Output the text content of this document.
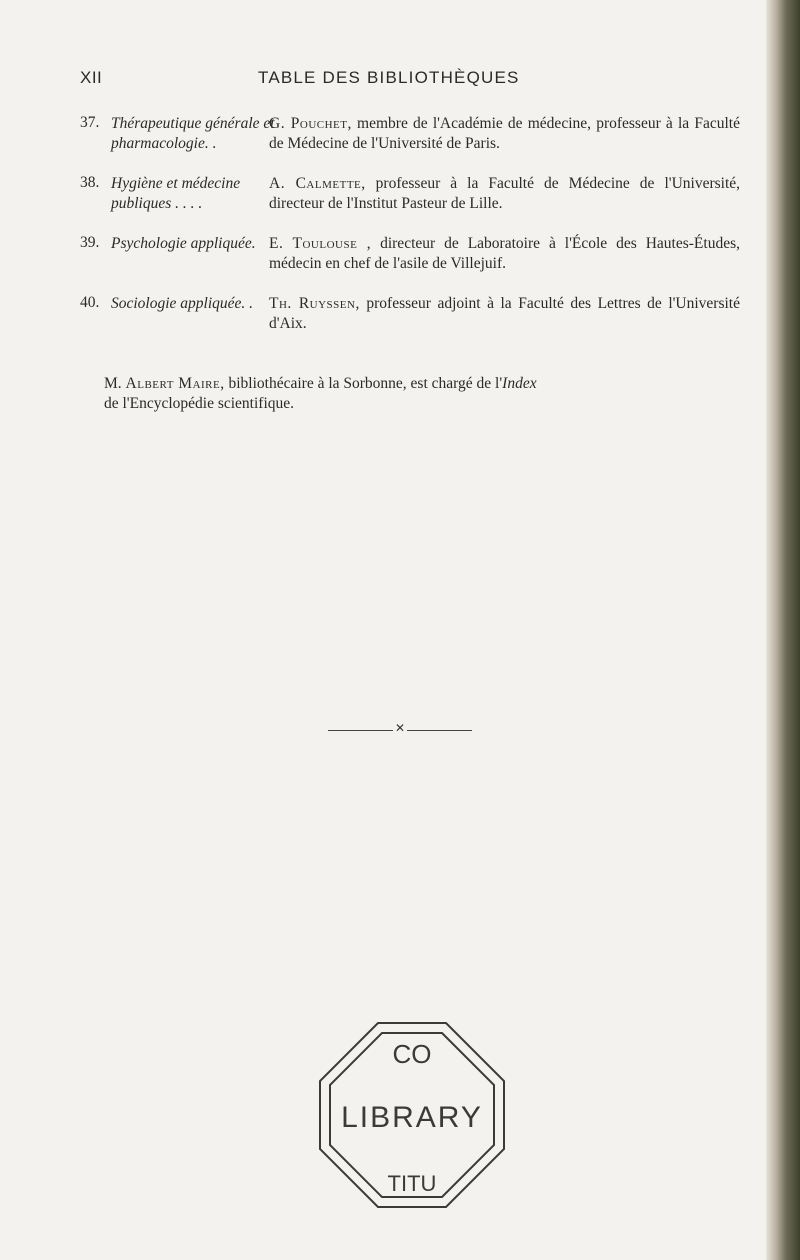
XII	TABLE DES BIBLIOTHÈQUES
37. Thérapeutique générale et pharmacologie. .
G. Pouchet, membre de l'Académie de médecine, professeur à la Faculté de Médecine de l'Université de Paris.
38. Hygiène et médecine publiques . . . .
A. Calmette, professeur à la Faculté de Médecine de l'Université, directeur de l'Institut Pasteur de Lille.
39. Psychologie appliquée. E. Toulouse , directeur de Laboratoire à l'École des Hautes-Études, médecin en chef de l'asile de Villejuif.
40. Sociologie appliquée. .	Th. Ruyssen, professeur adjoint à la Faculté des Lettres de l'Université d'Aix.
M. Albert Maire, bibliothécaire à la Sorbonne, est chargé de l'Index
de l'Encyclopédie scientifique.
✕
CO
LIBRARY
TITU
